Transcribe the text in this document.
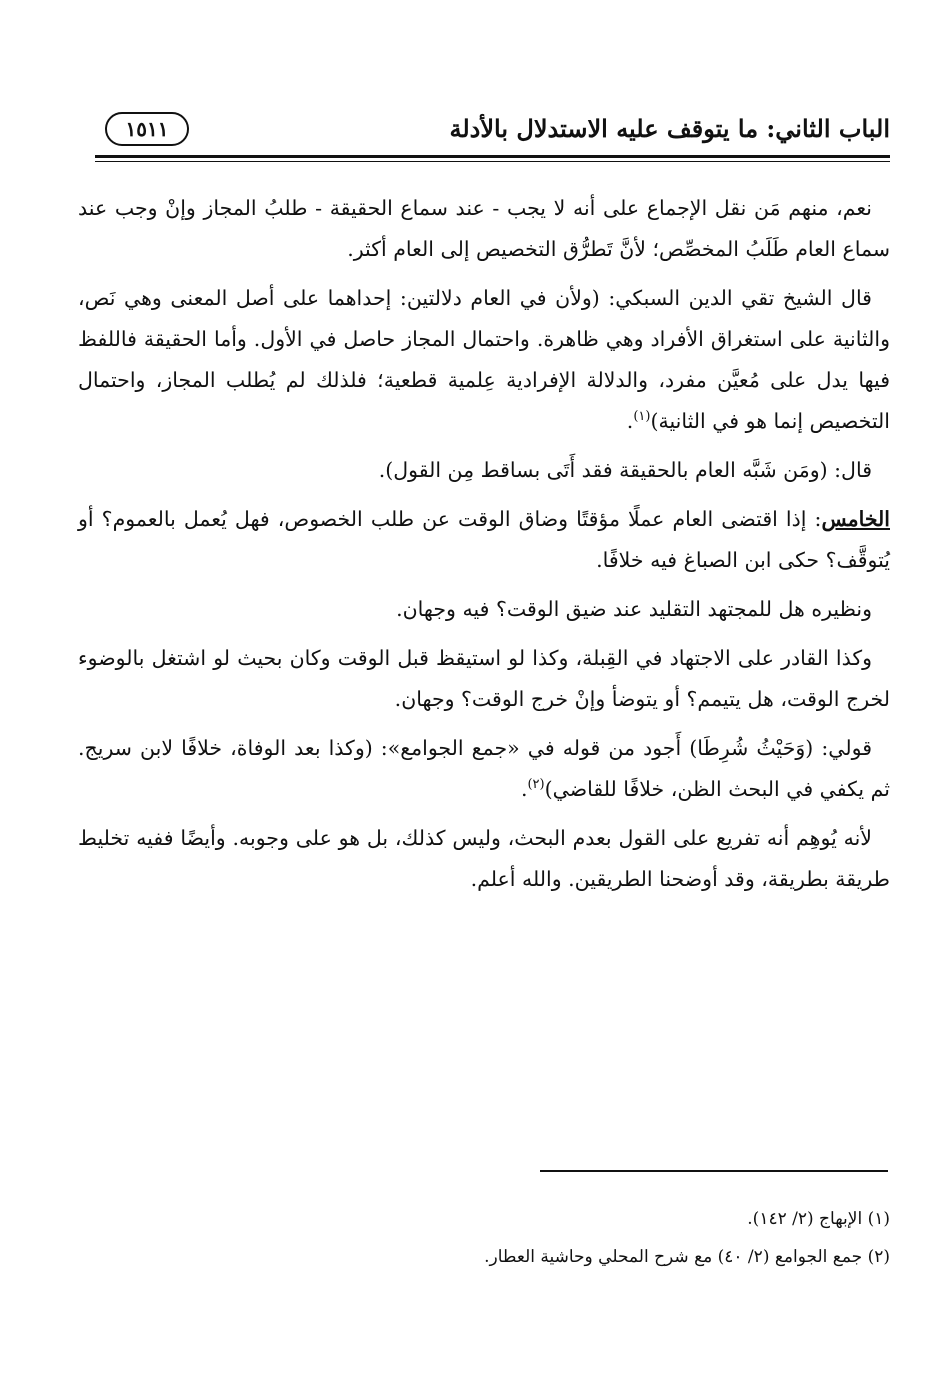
الباب الثاني: ما يتوقف عليه الاستدلال بالأدلة
١٥١١

نعم، منهم مَن نقل الإجماع على أنه لا يجب - عند سماع الحقيقة - طلبُ المجاز وإنْ وجب عند سماع العام طَلَبُ المخصِّص؛ لأنَّ تَطرُّق التخصيص إلى العام أكثر.

قال الشيخ تقي الدين السبكي: (ولأن في العام دلالتين: إحداهما على أصل المعنى وهي نَص، والثانية على استغراق الأفراد وهي ظاهرة. واحتمال المجاز حاصل في الأول. وأما الحقيقة فاللفظ فيها يدل على مُعيَّن مفرد، والدلالة الإفرادية عِلمية قطعية؛ فلذلك لم يُطلب المجاز، واحتمال التخصيص إنما هو في الثانية)$^{(١)}$.

قال: (ومَن شَبَّه العام بالحقيقة فقد أَتَى بساقط مِن القول).

الخامس: إذا اقتضى العام عملًا مؤقتًا وضاق الوقت عن طلب الخصوص، فهل يُعمل بالعموم؟ أو يُتوقَّف؟ حكى ابن الصباغ فيه خلافًا.

ونظيره هل للمجتهد التقليد عند ضيق الوقت؟ فيه وجهان.

وكذا القادر على الاجتهاد في القِبلة، وكذا لو استيقظ قبل الوقت وكان بحيث لو اشتغل بالوضوء لخرج الوقت، هل يتيمم؟ أو يتوضأ وإنْ خرج الوقت؟ وجهان.

قولي: (وَحَيْثُ شُرِطَا) أَجود من قوله في «جمع الجوامع»: (وكذا بعد الوفاة، خلافًا لابن سريج. ثم يكفي في البحث الظن، خلافًا للقاضي)$^{(٢)}$.

لأنه يُوهِم أنه تفريع على القول بعدم البحث، وليس كذلك، بل هو على وجوبه. وأيضًا ففيه تخليط طريقة بطريقة، وقد أوضحنا الطريقين. والله أعلم.

(١) الإبهاج (٢/ ١٤٢).
(٢) جمع الجوامع (٢/ ٤٠) مع شرح المحلي وحاشية العطار.
